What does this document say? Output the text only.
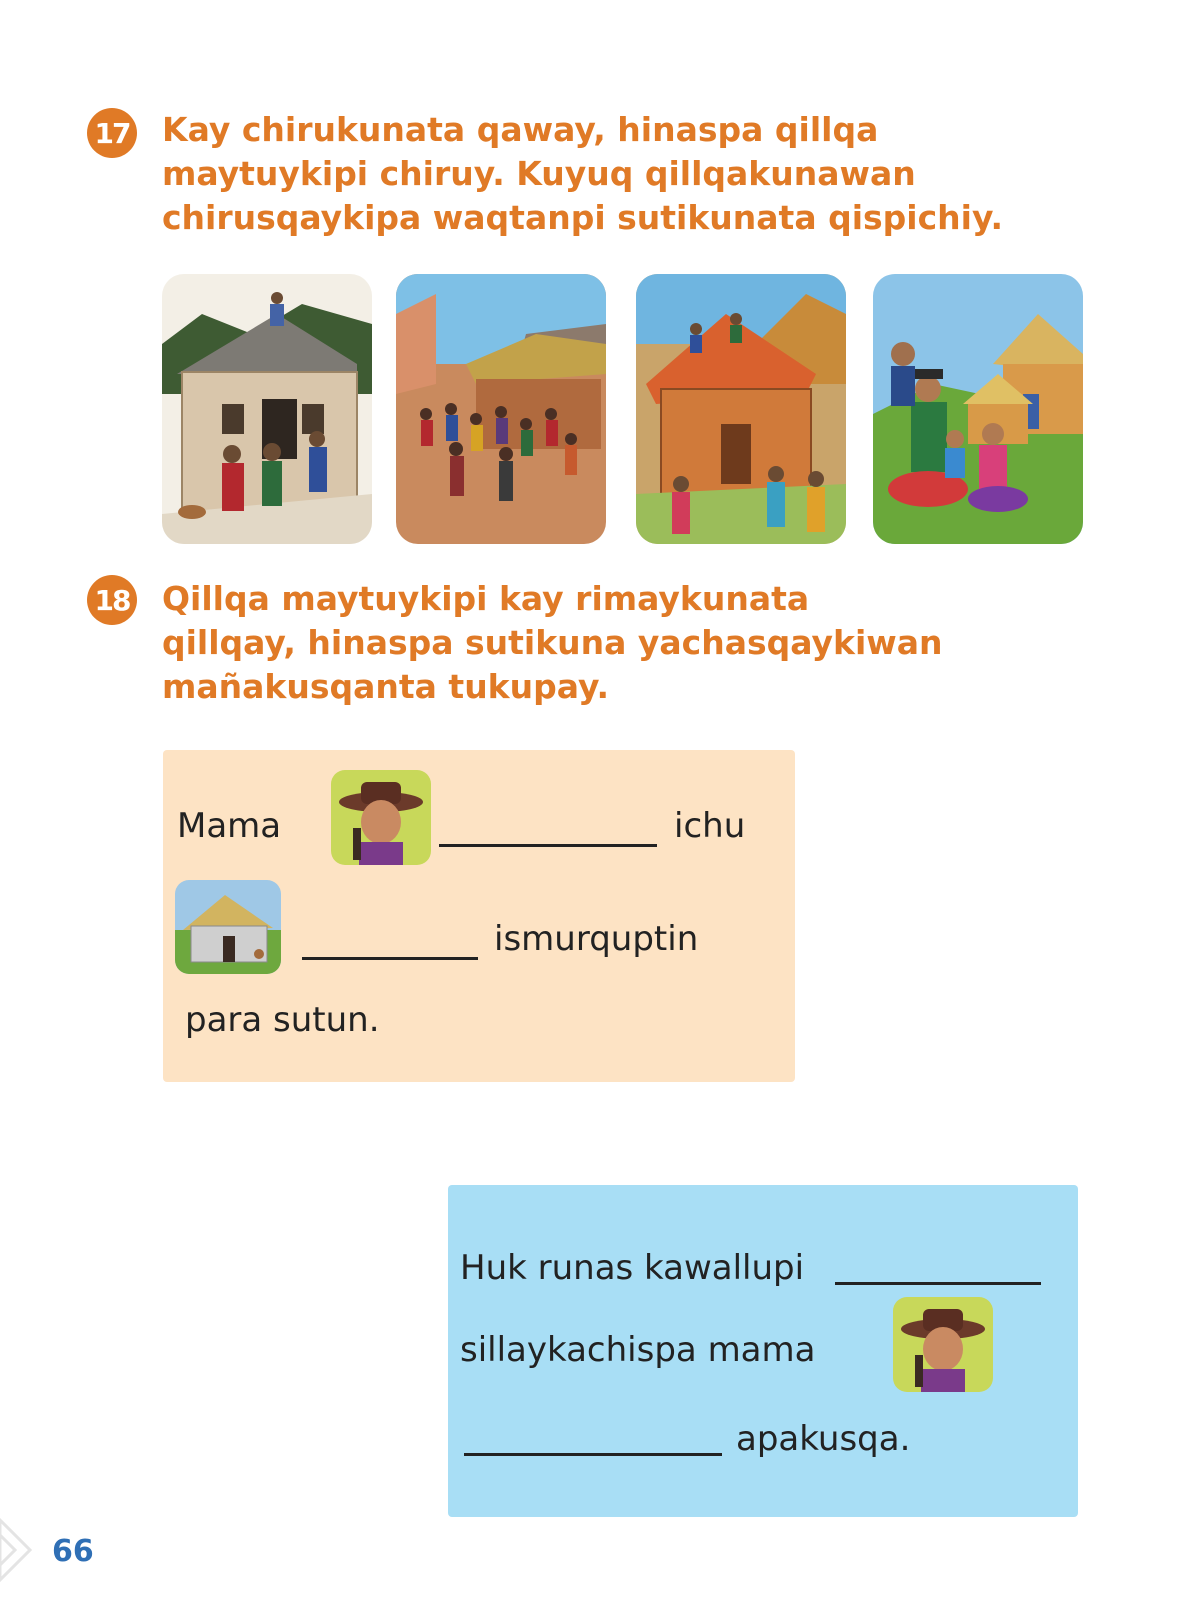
17 Kay chirukunata qaway, hinaspa qillqa
maytuykipi chiruy. Kuyuq qillqakunawan
chirusqaykipa waqtanpi sutikunata qispichiy.

18 Qillqa maytuykipi kay rimaykunata
qillqay, hinaspa sutikuna yachasqaykiwan
mañakusqanta tukupay.

Mama	ichu
ismurquptin
para sutun.
Huk runas kawallupi
sillaykachispa mama
apakusqa.
66
